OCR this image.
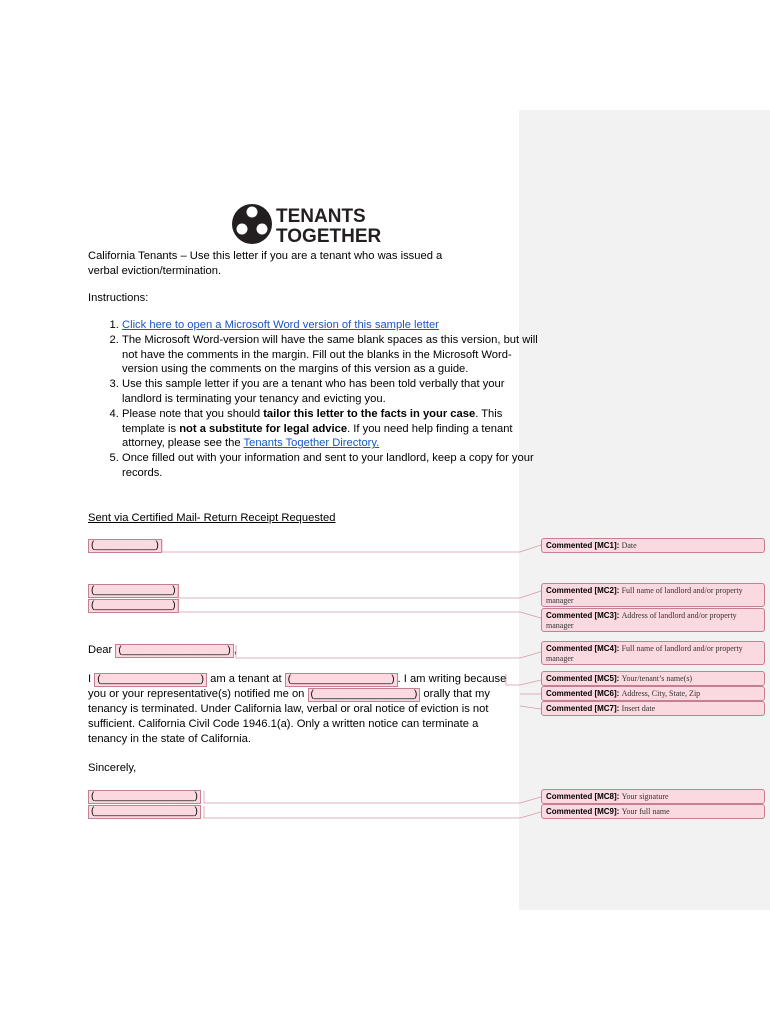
TENANTS
TOGETHER
California Tenants – Use this letter if you are a tenant who was issued a verbal eviction/termination.
Instructions:
1. Click here to open a Microsoft Word version of this sample letter
2. The Microsoft Word-version will have the same blank spaces as this version, but will not have the comments in the margin. Fill out the blanks in the Microsoft Word-version using the comments on the margins of this version as a guide.
3. Use this sample letter if you are a tenant who has been told verbally that your landlord is terminating your tenancy and evicting you.
4. Please note that you should tailor this letter to the facts in your case. This template is not a substitute for legal advice. If you need help finding a tenant attorney, please see the Tenants Together Directory.
5. Once filled out with your information and sent to your landlord, keep a copy for your records.
Sent via Certified Mail- Return Receipt Requested
(___________)
(______________)
(______________)
Dear (___________________) ,
I (__________________) am a tenant at (__________________) . I am writing because you or your representative(s) notified me on (__________________) orally that my tenancy is terminated. Under California law, verbal or oral notice of eviction is not sufficient. California Civil Code 1946.1(a). Only a written notice can terminate a tenancy in the state of California.
Sincerely,
(__________________)
(__________________)
Commented [MC1]: Date
Commented [MC2]: Full name of landlord and/or property manager
Commented [MC3]: Address of landlord and/or property manager
Commented [MC4]: Full name of landlord and/or property manager
Commented [MC5]: Your/tenant’s name(s)
Commented [MC6]: Address, City, State, Zip
Commented [MC7]: Insert date
Commented [MC8]: Your signature
Commented [MC9]: Your full name
